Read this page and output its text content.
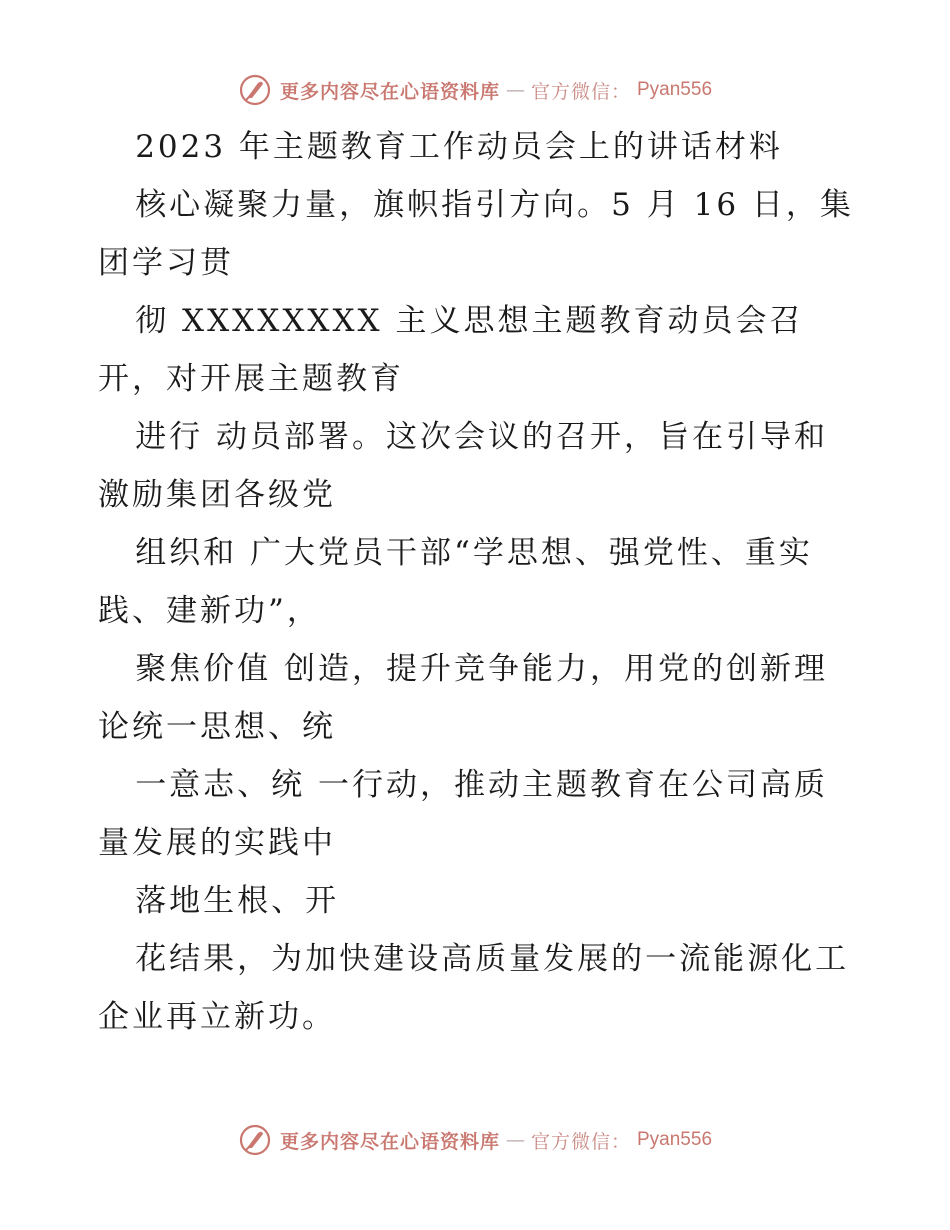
更多内容尽在心语资料库 — 官方微信： Pyan556

2023 年主题教育工作动员会上的讲话材料

核心凝聚力量，旗帜指引方向。5 月 16 日，集团学习贯

彻 XXXXXXXX 主义思想主题教育动员会召开，对开展主题教育

进行 动员部署。这次会议的召开，旨在引导和激励集团各级党

组织和 广大党员干部“学思想、强党性、重实践、建新功”，

聚焦价值 创造，提升竞争能力，用党的创新理论统一思想、统

一意志、统 一行动，推动主题教育在公司高质量发展的实践中

落地生根、开

花结果，为加快建设高质量发展的一流能源化工企业再立新功。

更多内容尽在心语资料库 — 官方微信： Pyan556
